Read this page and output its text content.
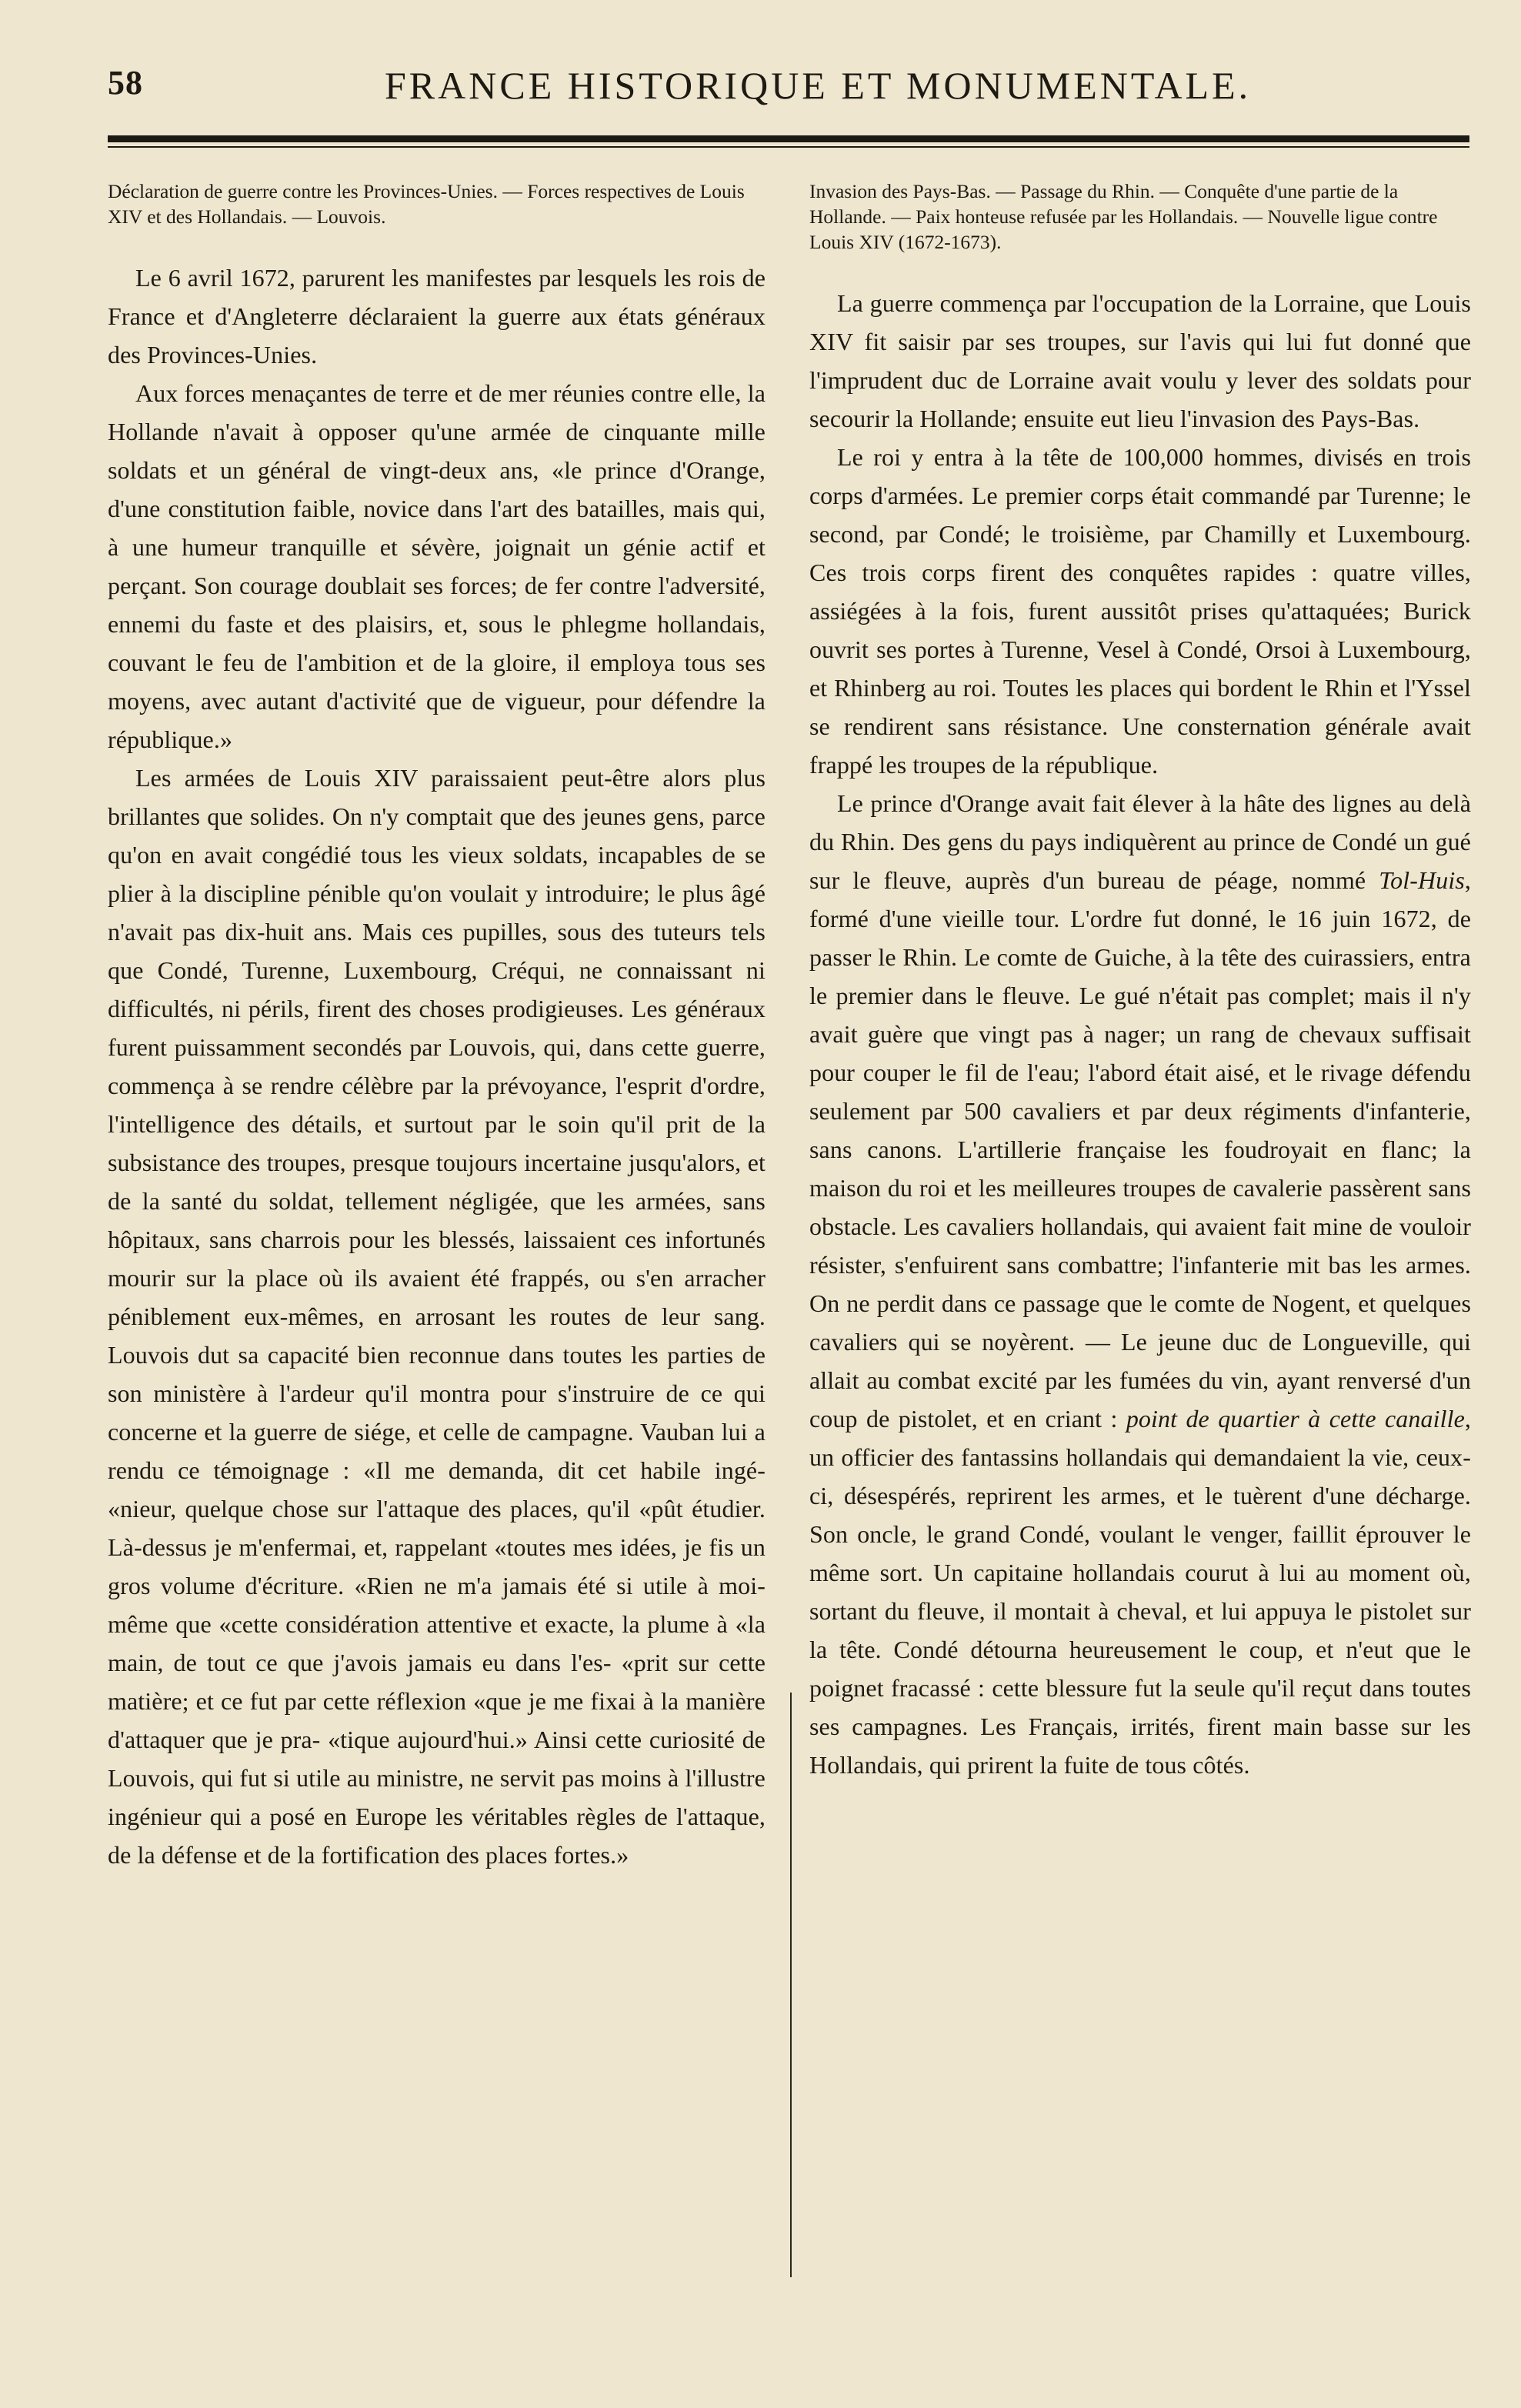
58	FRANCE HISTORIQUE ET MONUMENTALE.
Déclaration de guerre contre les Provinces-Unies. — Forces respectives de Louis XIV et des Hollandais. — Louvois.

Le 6 avril 1672, parurent les manifestes par lesquels les rois de France et d'Angleterre déclaraient la guerre aux états généraux des Provinces-Unies.

Aux forces menaçantes de terre et de mer réunies contre elle, la Hollande n'avait à opposer qu'une armée de cinquante mille soldats et un général de vingt-deux ans, «le prince d'Orange, d'une constitution faible, novice dans l'art des batailles, mais qui, à une humeur tranquille et sévère, joignait un génie actif et perçant. Son courage doublait ses forces; de fer contre l'adversité, ennemi du faste et des plaisirs, et, sous le phlegme hollandais, couvant le feu de l'ambition et de la gloire, il employa tous ses moyens, avec autant d'activité que de vigueur, pour défendre la république.»

Les armées de Louis XIV paraissaient peut-être alors plus brillantes que solides. On n'y comptait que des jeunes gens, parce qu'on en avait congédié tous les vieux soldats, incapables de se plier à la discipline pénible qu'on voulait y introduire; le plus âgé n'avait pas dix-huit ans. Mais ces pupilles, sous des tuteurs tels que Condé, Turenne, Luxembourg, Créqui, ne connaissant ni difficultés, ni périls, firent des choses prodigieuses. Les généraux furent puissamment secondés par Louvois, qui, dans cette guerre, commença à se rendre célèbre par la prévoyance, l'esprit d'ordre, l'intelligence des détails, et surtout par le soin qu'il prit de la subsistance des troupes, presque toujours incertaine jusqu'alors, et de la santé du soldat, tellement négligée, que les armées, sans hôpitaux, sans charrois pour les blessés, laissaient ces infortunés mourir sur la place où ils avaient été frappés, ou s'en arracher péniblement eux-mêmes, en arrosant les routes de leur sang. Louvois dut sa capacité bien reconnue dans toutes les parties de son ministère à l'ardeur qu'il montra pour s'instruire de ce qui concerne et la guerre de siége, et celle de campagne. Vauban lui a rendu ce témoignage : «Il me demanda, dit cet habile ingé- «nieur, quelque chose sur l'attaque des places, qu'il «pût étudier. Là-dessus je m'enfermai, et, rappelant «toutes mes idées, je fis un gros volume d'écriture. «Rien ne m'a jamais été si utile à moi-même que «cette considération attentive et exacte, la plume à «la main, de tout ce que j'avois jamais eu dans l'es- «prit sur cette matière; et ce fut par cette réflexion «que je me fixai à la manière d'attaquer que je pra- «tique aujourd'hui.» Ainsi cette curiosité de Louvois, qui fut si utile au ministre, ne servit pas moins à l'illustre ingénieur qui a posé en Europe les véritables règles de l'attaque, de la défense et de la fortification des places fortes.»

Invasion des Pays-Bas. — Passage du Rhin. — Conquête d'une partie de la Hollande. — Paix honteuse refusée par les Hollandais. — Nouvelle ligue contre Louis XIV (1672-1673).

La guerre commença par l'occupation de la Lorraine, que Louis XIV fit saisir par ses troupes, sur l'avis qui lui fut donné que l'imprudent duc de Lorraine avait voulu y lever des soldats pour secourir la Hollande; ensuite eut lieu l'invasion des Pays-Bas.

Le roi y entra à la tête de 100,000 hommes, divisés en trois corps d'armées. Le premier corps était commandé par Turenne; le second, par Condé; le troisième, par Chamilly et Luxembourg. Ces trois corps firent des conquêtes rapides : quatre villes, assiégées à la fois, furent aussitôt prises qu'attaquées; Burick ouvrit ses portes à Turenne, Vesel à Condé, Orsoi à Luxembourg, et Rhinberg au roi. Toutes les places qui bordent le Rhin et l'Yssel se rendirent sans résistance. Une consternation générale avait frappé les troupes de la république.

Le prince d'Orange avait fait élever à la hâte des lignes au delà du Rhin. Des gens du pays indiquèrent au prince de Condé un gué sur le fleuve, auprès d'un bureau de péage, nommé Tol-Huis, formé d'une vieille tour. L'ordre fut donné, le 16 juin 1672, de passer le Rhin. Le comte de Guiche, à la tête des cuirassiers, entra le premier dans le fleuve. Le gué n'était pas complet; mais il n'y avait guère que vingt pas à nager; un rang de chevaux suffisait pour couper le fil de l'eau; l'abord était aisé, et le rivage défendu seulement par 500 cavaliers et par deux régiments d'infanterie, sans canons. L'artillerie française les foudroyait en flanc; la maison du roi et les meilleures troupes de cavalerie passèrent sans obstacle. Les cavaliers hollandais, qui avaient fait mine de vouloir résister, s'enfuirent sans combattre; l'infanterie mit bas les armes. On ne perdit dans ce passage que le comte de Nogent, et quelques cavaliers qui se noyèrent. — Le jeune duc de Longueville, qui allait au combat excité par les fumées du vin, ayant renversé d'un coup de pistolet, et en criant : point de quartier à cette canaille, un officier des fantassins hollandais qui demandaient la vie, ceux-ci, désespérés, reprirent les armes, et le tuèrent d'une décharge. Son oncle, le grand Condé, voulant le venger, faillit éprouver le même sort. Un capitaine hollandais courut à lui au moment où, sortant du fleuve, il montait à cheval, et lui appuya le pistolet sur la tête. Condé détourna heureusement le coup, et n'eut que le poignet fracassé : cette blessure fut la seule qu'il reçut dans toutes ses campagnes. Les Français, irrités, firent main basse sur les Hollandais, qui prirent la fuite de tous côtés.
